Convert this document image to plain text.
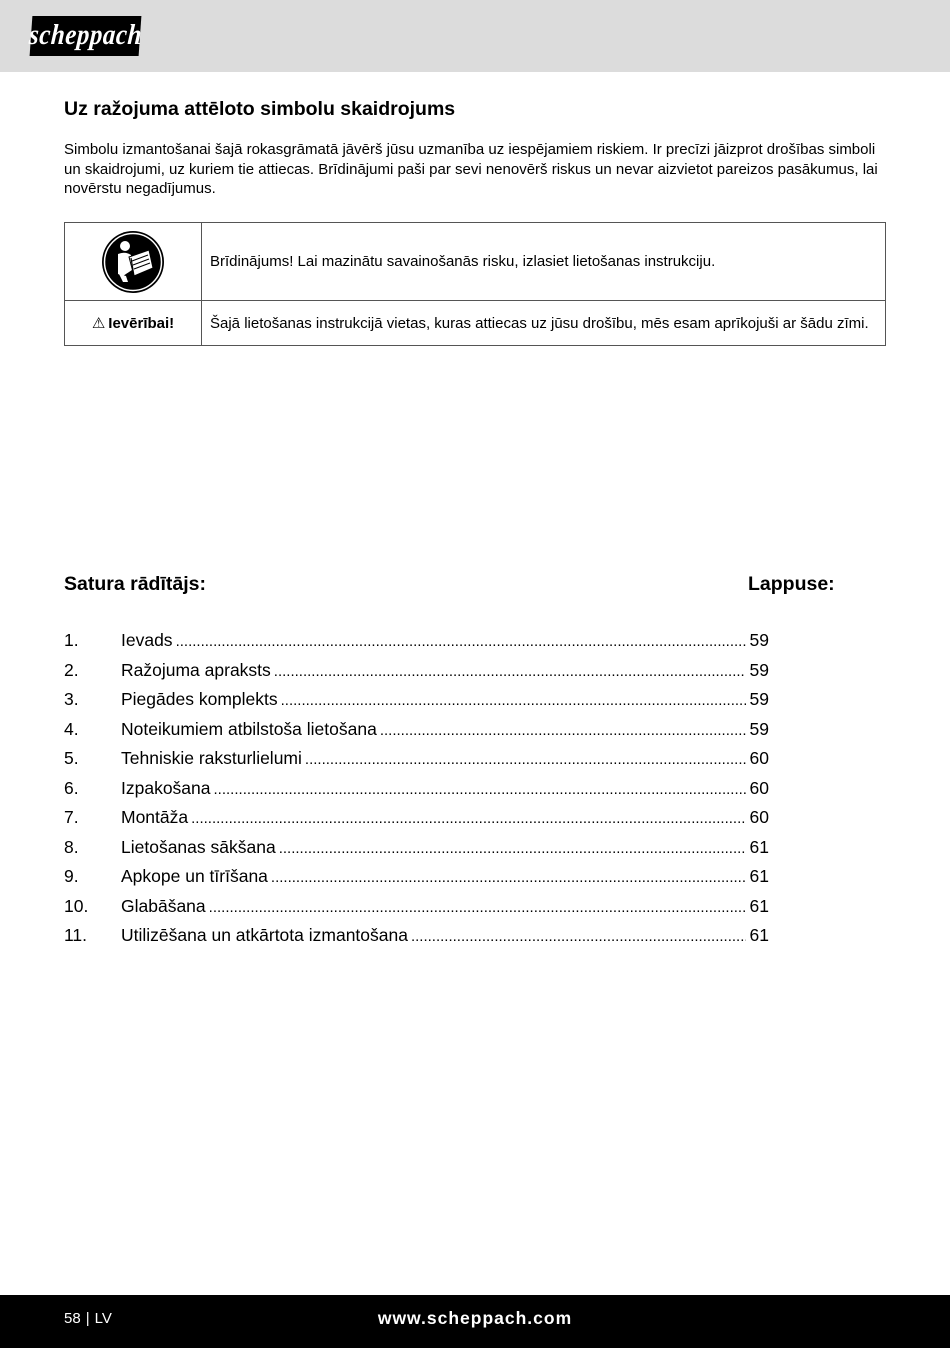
scheppach
Uz ražojuma attēloto simbolu skaidrojums

Simbolu izmantošanai šajā rokasgrāmatā jāvērš jūsu uzmanība uz iespējamiem riskiem. Ir precīzi jāizprot drošības simboli un skaidrojumi, uz kuriem tie attiecas. Brīdinājumi paši par sevi nenovērš riskus un nevar aizvietot pareizos pasākumus, lai novērstu negadījumus.

	Brīdinājums! Lai mazinātu savainošanās risku, izlasiet lietošanas instrukciju.
⚠ Ievērībai!	Šajā lietošanas instrukcijā vietas, kuras attiecas uz jūsu drošību, mēs esam aprīkojuši ar šādu zīmi.
Satura rādītājs:	Lappuse:
1.	Ievads .....	59
2.	Ražojuma apraksts .....	59
3.	Piegādes komplekts .....	59
4.	Noteikumiem atbilstoša lietošana .....	59
5.	Tehniskie raksturlielumi .....	60
6.	Izpakošana .....	60
7.	Montāža .....	60
8.	Lietošanas sākšana .....	61
9.	Apkope un tīrīšana .....	61
10.	Glabāšana .....	61
11.	Utilizēšana un atkārtota izmantošana .....	61
58 | LV	www.scheppach.com
